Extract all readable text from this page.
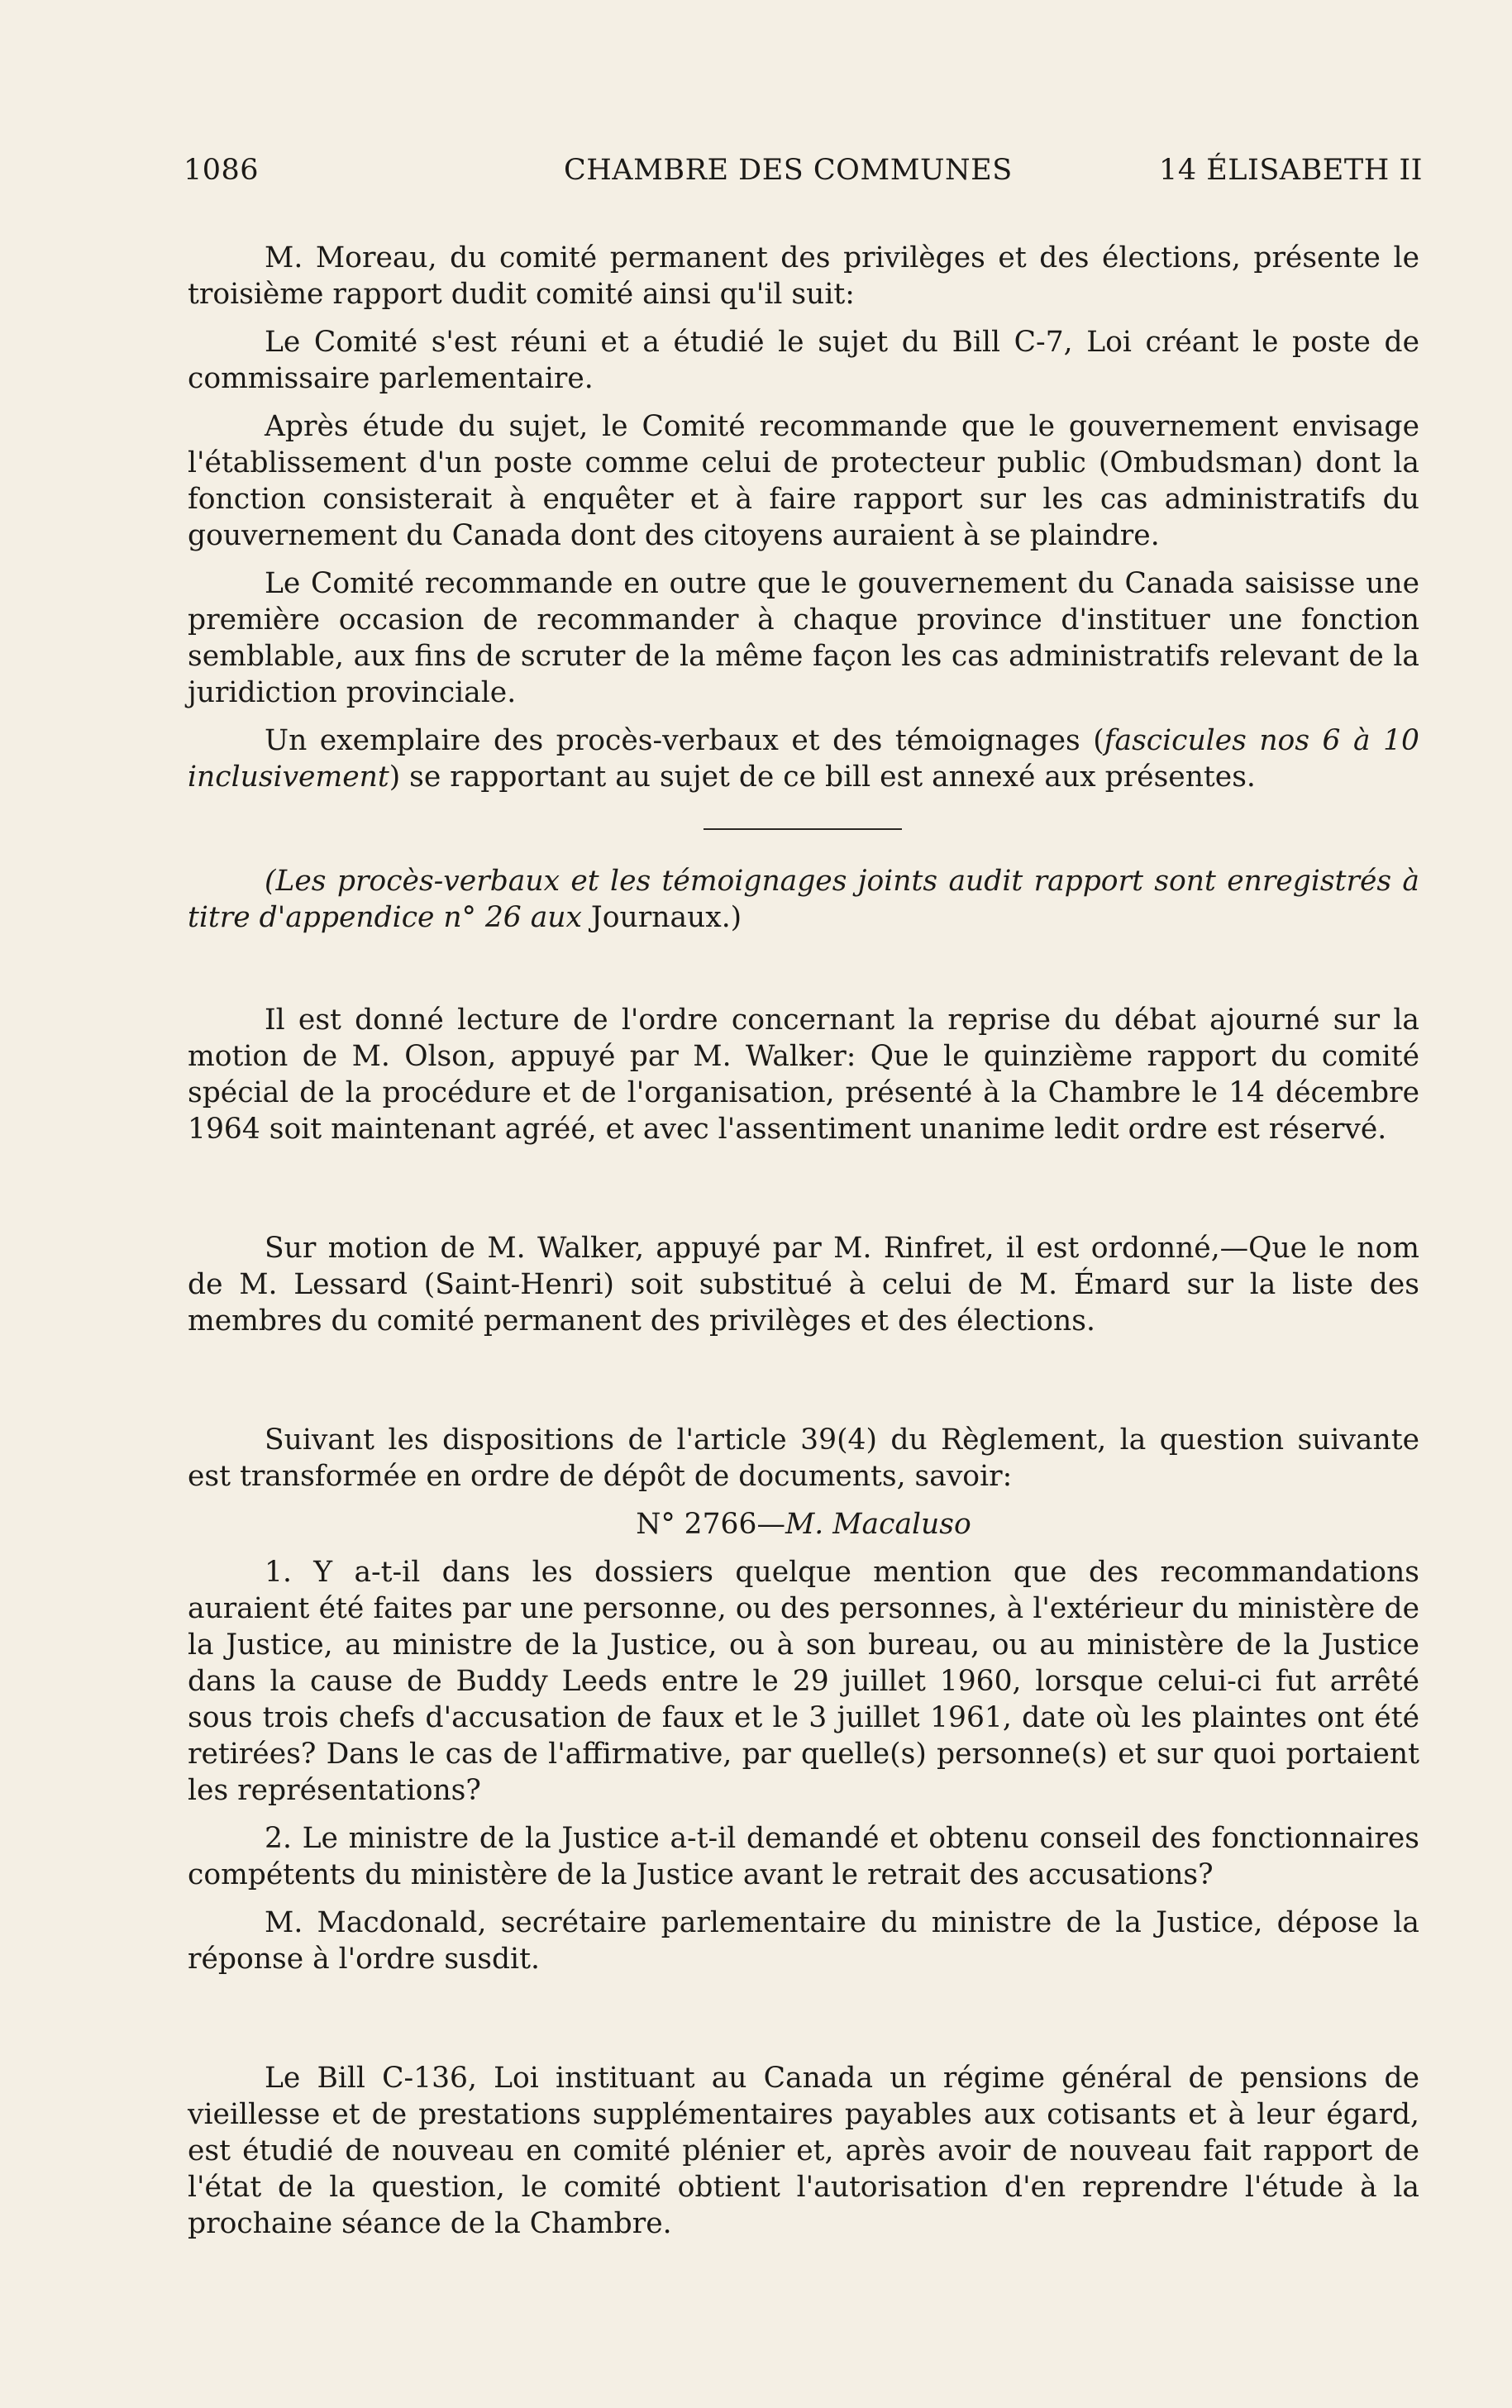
1086	CHAMBRE DES COMMUNES	14 ÉLISABETH II

M. Moreau, du comité permanent des privilèges et des élections, présente le troisième rapport dudit comité ainsi qu'il suit:

Le Comité s'est réuni et a étudié le sujet du Bill C-7, Loi créant le poste de commissaire parlementaire.

Après étude du sujet, le Comité recommande que le gouvernement envisage l'établissement d'un poste comme celui de protecteur public (Ombudsman) dont la fonction consisterait à enquêter et à faire rapport sur les cas administratifs du gouvernement du Canada dont des citoyens auraient à se plaindre.

Le Comité recommande en outre que le gouvernement du Canada saisisse une première occasion de recommander à chaque province d'instituer une fonction semblable, aux fins de scruter de la même façon les cas administratifs relevant de la juridiction provinciale.

Un exemplaire des procès-verbaux et des témoignages (fascicules nos 6 à 10 inclusivement) se rapportant au sujet de ce bill est annexé aux présentes.

(Les procès-verbaux et les témoignages joints audit rapport sont enregistrés à titre d'appendice n° 26 aux Journaux.)

Il est donné lecture de l'ordre concernant la reprise du débat ajourné sur la motion de M. Olson, appuyé par M. Walker: Que le quinzième rapport du comité spécial de la procédure et de l'organisation, présenté à la Chambre le 14 décembre 1964 soit maintenant agréé, et avec l'assentiment unanime ledit ordre est réservé.

Sur motion de M. Walker, appuyé par M. Rinfret, il est ordonné,—Que le nom de M. Lessard (Saint-Henri) soit substitué à celui de M. Émard sur la liste des membres du comité permanent des privilèges et des élections.

Suivant les dispositions de l'article 39(4) du Règlement, la question suivante est transformée en ordre de dépôt de documents, savoir:

N° 2766—M. Macaluso

1. Y a-t-il dans les dossiers quelque mention que des recommandations auraient été faites par une personne, ou des personnes, à l'extérieur du ministère de la Justice, au ministre de la Justice, ou à son bureau, ou au ministère de la Justice dans la cause de Buddy Leeds entre le 29 juillet 1960, lorsque celui-ci fut arrêté sous trois chefs d'accusation de faux et le 3 juillet 1961, date où les plaintes ont été retirées? Dans le cas de l'affirmative, par quelle(s) personne(s) et sur quoi portaient les représentations?

2. Le ministre de la Justice a-t-il demandé et obtenu conseil des fonctionnaires compétents du ministère de la Justice avant le retrait des accusations?

M. Macdonald, secrétaire parlementaire du ministre de la Justice, dépose la réponse à l'ordre susdit.

Le Bill C-136, Loi instituant au Canada un régime général de pensions de vieillesse et de prestations supplémentaires payables aux cotisants et à leur égard, est étudié de nouveau en comité plénier et, après avoir de nouveau fait rapport de l'état de la question, le comité obtient l'autorisation d'en reprendre l'étude à la prochaine séance de la Chambre.
